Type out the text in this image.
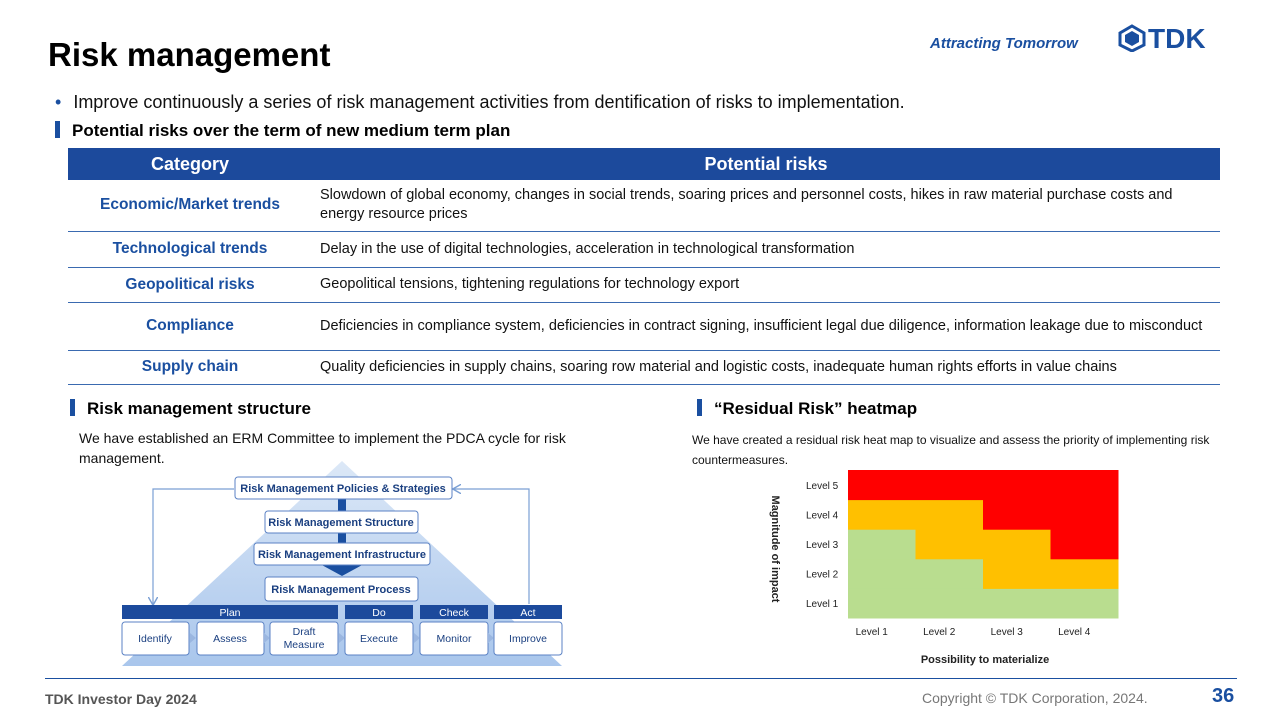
Risk management	Attracting Tomorrow	TDK
• Improve continuously a series of risk management activities from dentification of risks to implementation.
Potential risks over the term of new medium term plan
Category	Potential risks
Economic/Market trends	Slowdown of global economy, changes in social trends, soaring prices and personnel costs, hikes in raw material purchase costs and energy resource prices
Technological trends	Delay in the use of digital technologies, acceleration in technological transformation
Geopolitical risks	Geopolitical tensions, tightening regulations for technology export
Compliance	Deficiencies in compliance system, deficiencies in contract signing, insufficient legal due diligence, information leakage due to misconduct
Supply chain	Quality deficiencies in supply chains, soaring row material and logistic costs, inadequate human rights efforts in value chains
Risk management structure
We have established an ERM Committee to implement the PDCA cycle for risk management.
Risk Management Policies & Strategies
Risk Management Structure
Risk Management Infrastructure
Risk Management Process
Plan	Do	Check	Act
Identify	Assess
Draft Measure	Execute	Monitor	Improve
“Residual Risk” heatmap
We have created a residual risk heat map to visualize and assess the priority of implementing risk countermeasures.
Level 1
Level 2
Level 3
Level 4
Level 5
Level 1	Level 2	Level 3	Level 4
Magnitude of impact
Possibility to materialize
TDK Investor Day 2024	Copyright © TDK Corporation, 2024.	36
